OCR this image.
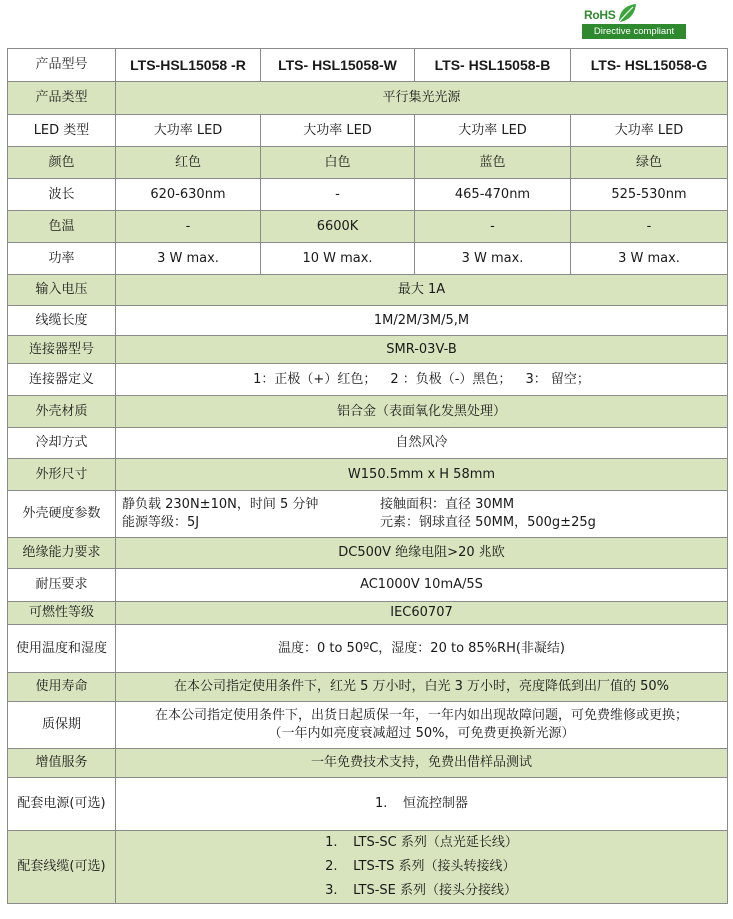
RoHS
Directive compliant
产品型号	LTS-HSL15058 -R	LTS- HSL15058-W	LTS- HSL15058-B	LTS- HSL15058-G
产品类型	平行集光光源			
LED 类型	大功率 LED	大功率 LED	大功率 LED	大功率 LED
颜色	红色	白色	蓝色	绿色
波长	620-630nm	-	465-470nm	525-530nm
色温	-	6600K	-	-
功率	3 W max.	10 W max.	3 W max.	3 W max.
输入电压	最大 1A			
线缆长度	1M/2M/3M/5,M			
连接器型号	SMR-03V-B			
连接器定义	1：正极（+）红色； 2 ：负极（-）黑色； 3： 留空；			
外壳材质	铝合金（表面氧化发黑处理）			
冷却方式	自然风冷			
外形尺寸	W150.5mm x H 58mm			
外壳硬度参数	静负载 230N±10N，时间 5 分钟 接触面积：直径 30MM
能源等级：5J 元素：钢球直径 50MM，500g±25g			

绝缘能力要求	DC500V 绝缘电阻>20 兆欧			
耐压要求	AC1000V 10mA/5S			
可燃性等级	IEC60707			
使用温度和湿度	温度：0 to 50ºC，湿度：20 to 85%RH(非凝结)			
使用寿命	在本公司指定使用条件下，红光 5 万小时，白光 3 万小时，亮度降低到出厂值的 50%			
质保期	在本公司指定使用条件下，出货日起质保一年，一年内如出现故障问题，可免费维修或更换；
（一年内如亮度衰减超过 50%，可免费更换新光源）			

增值服务	一年免费技术支持，免费出借样品测试			
配套电源(可选)	1. 恒流控制器			

配套线缆(可选)	1. LTS-SC 系列（点光延长线）
2. LTS-TS 系列（接头转接线）
3. LTS-SE 系列（接头分接线）			
